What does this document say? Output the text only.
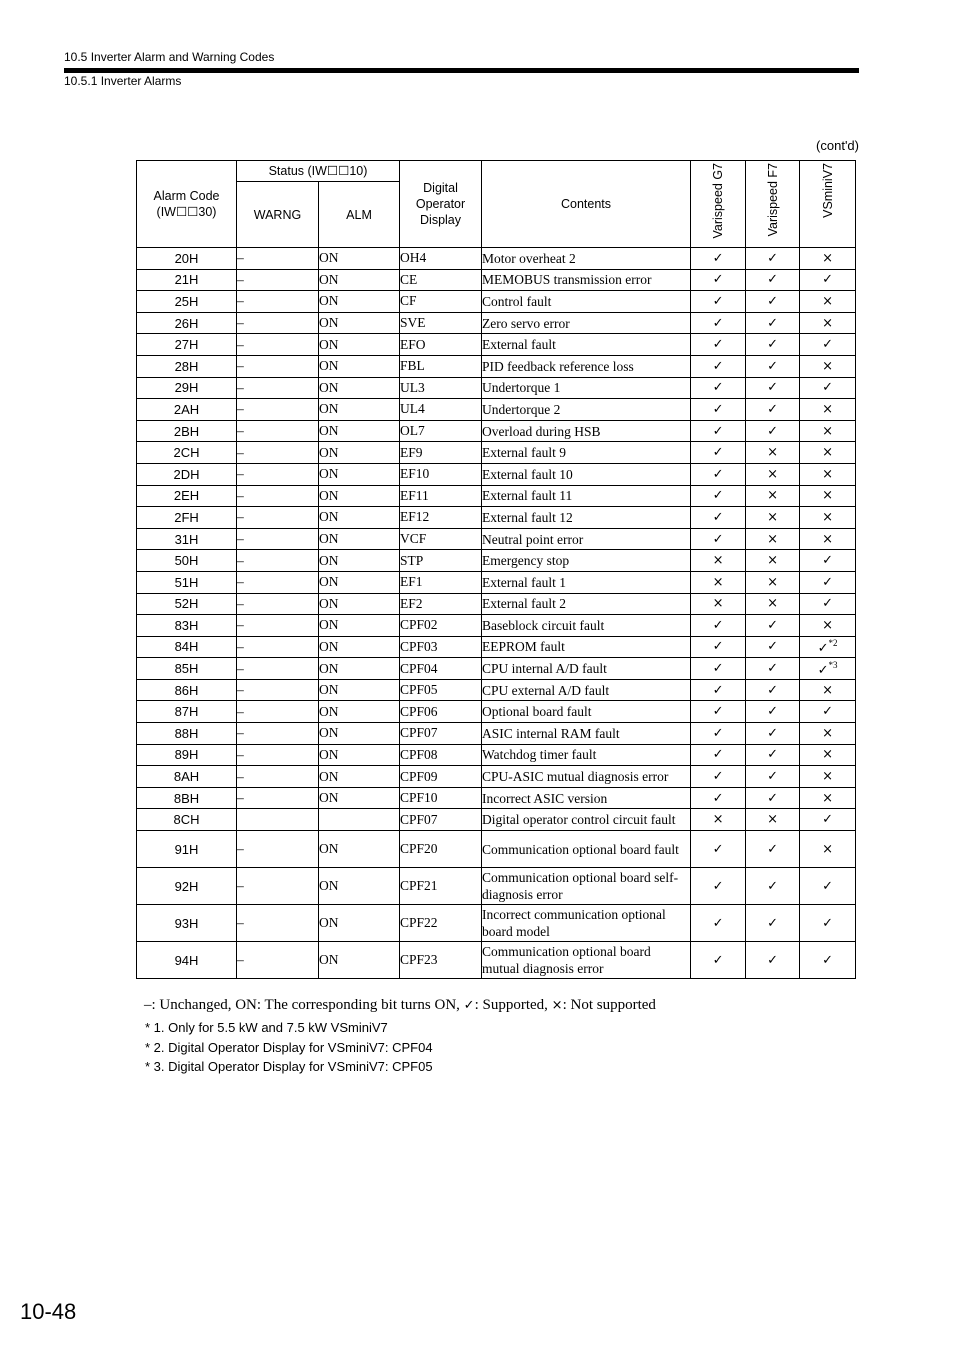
10.5 Inverter Alarm and Warning Codes
10.5.1 Inverter Alarms
(cont'd)
Alarm Code
(IW☐☐30)	Status (IW☐☐10)		Digital Operator Display	Contents	Varispeed G7	Varispeed F7	VSminiV7

	WARNG	ALM					
20H	–	ON	OH4	Motor overheat 2	✓	✓	×
21H	–	ON	CE	MEMOBUS transmission error	✓	✓	✓
25H	–	ON	CF	Control fault	✓	✓	×
26H	–	ON	SVE	Zero servo error	✓	✓	×
27H	–	ON	EFO	External fault	✓	✓	✓
28H	–	ON	FBL	PID feedback reference loss	✓	✓	×
29H	–	ON	UL3	Undertorque 1	✓	✓	✓
2AH	–	ON	UL4	Undertorque 2	✓	✓	×
2BH	–	ON	OL7	Overload during HSB	✓	✓	×
2CH	–	ON	EF9	External fault 9	✓	×	×
2DH	–	ON	EF10	External fault 10	✓	×	×
2EH	–	ON	EF11	External fault 11	✓	×	×
2FH	–	ON	EF12	External fault 12	✓	×	×
31H	–	ON	VCF	Neutral point error	✓	×	×
50H	–	ON	STP	Emergency stop	×	×	✓
51H	–	ON	EF1	External fault 1	×	×	✓
52H	–	ON	EF2	External fault 2	×	×	✓
83H	–	ON	CPF02	Baseblock circuit fault	✓	✓	×
84H	–	ON	CPF03	EEPROM fault	✓	✓	✓$^{*2}$
85H	–	ON	CPF04	CPU internal A/D fault	✓	✓	✓$^{*3}$
86H	–	ON	CPF05	CPU external A/D fault	✓	✓	×
87H	–	ON	CPF06	Optional board fault	✓	✓	✓
88H	–	ON	CPF07	ASIC internal RAM fault	✓	✓	×
89H	–	ON	CPF08	Watchdog timer fault	✓	✓	×
8AH	–	ON	CPF09	CPU-ASIC mutual diagnosis error	✓	✓	×
8BH	–	ON	CPF10	Incorrect ASIC version	✓	✓	×
8CH			CPF07	Digital operator control circuit fault	×	×	✓
91H	–	ON	CPF20	Communication optional board fault	✓	✓	×
92H	–	ON	CPF21	Communication optional board self-diagnosis error	✓	✓	✓
93H	–	ON	CPF22	Incorrect communication optional board model	✓	✓	✓
94H	–	ON	CPF23	Communication optional board mutual diagnosis error	✓	✓	✓
–: Unchanged, ON: The corresponding bit turns ON, ✓: Supported, ×: Not supported
* 1. Only for 5.5 kW and 7.5 kW VSminiV7
* 2. Digital Operator Display for VSminiV7: CPF04
* 3. Digital Operator Display for VSminiV7: CPF05
10-48
